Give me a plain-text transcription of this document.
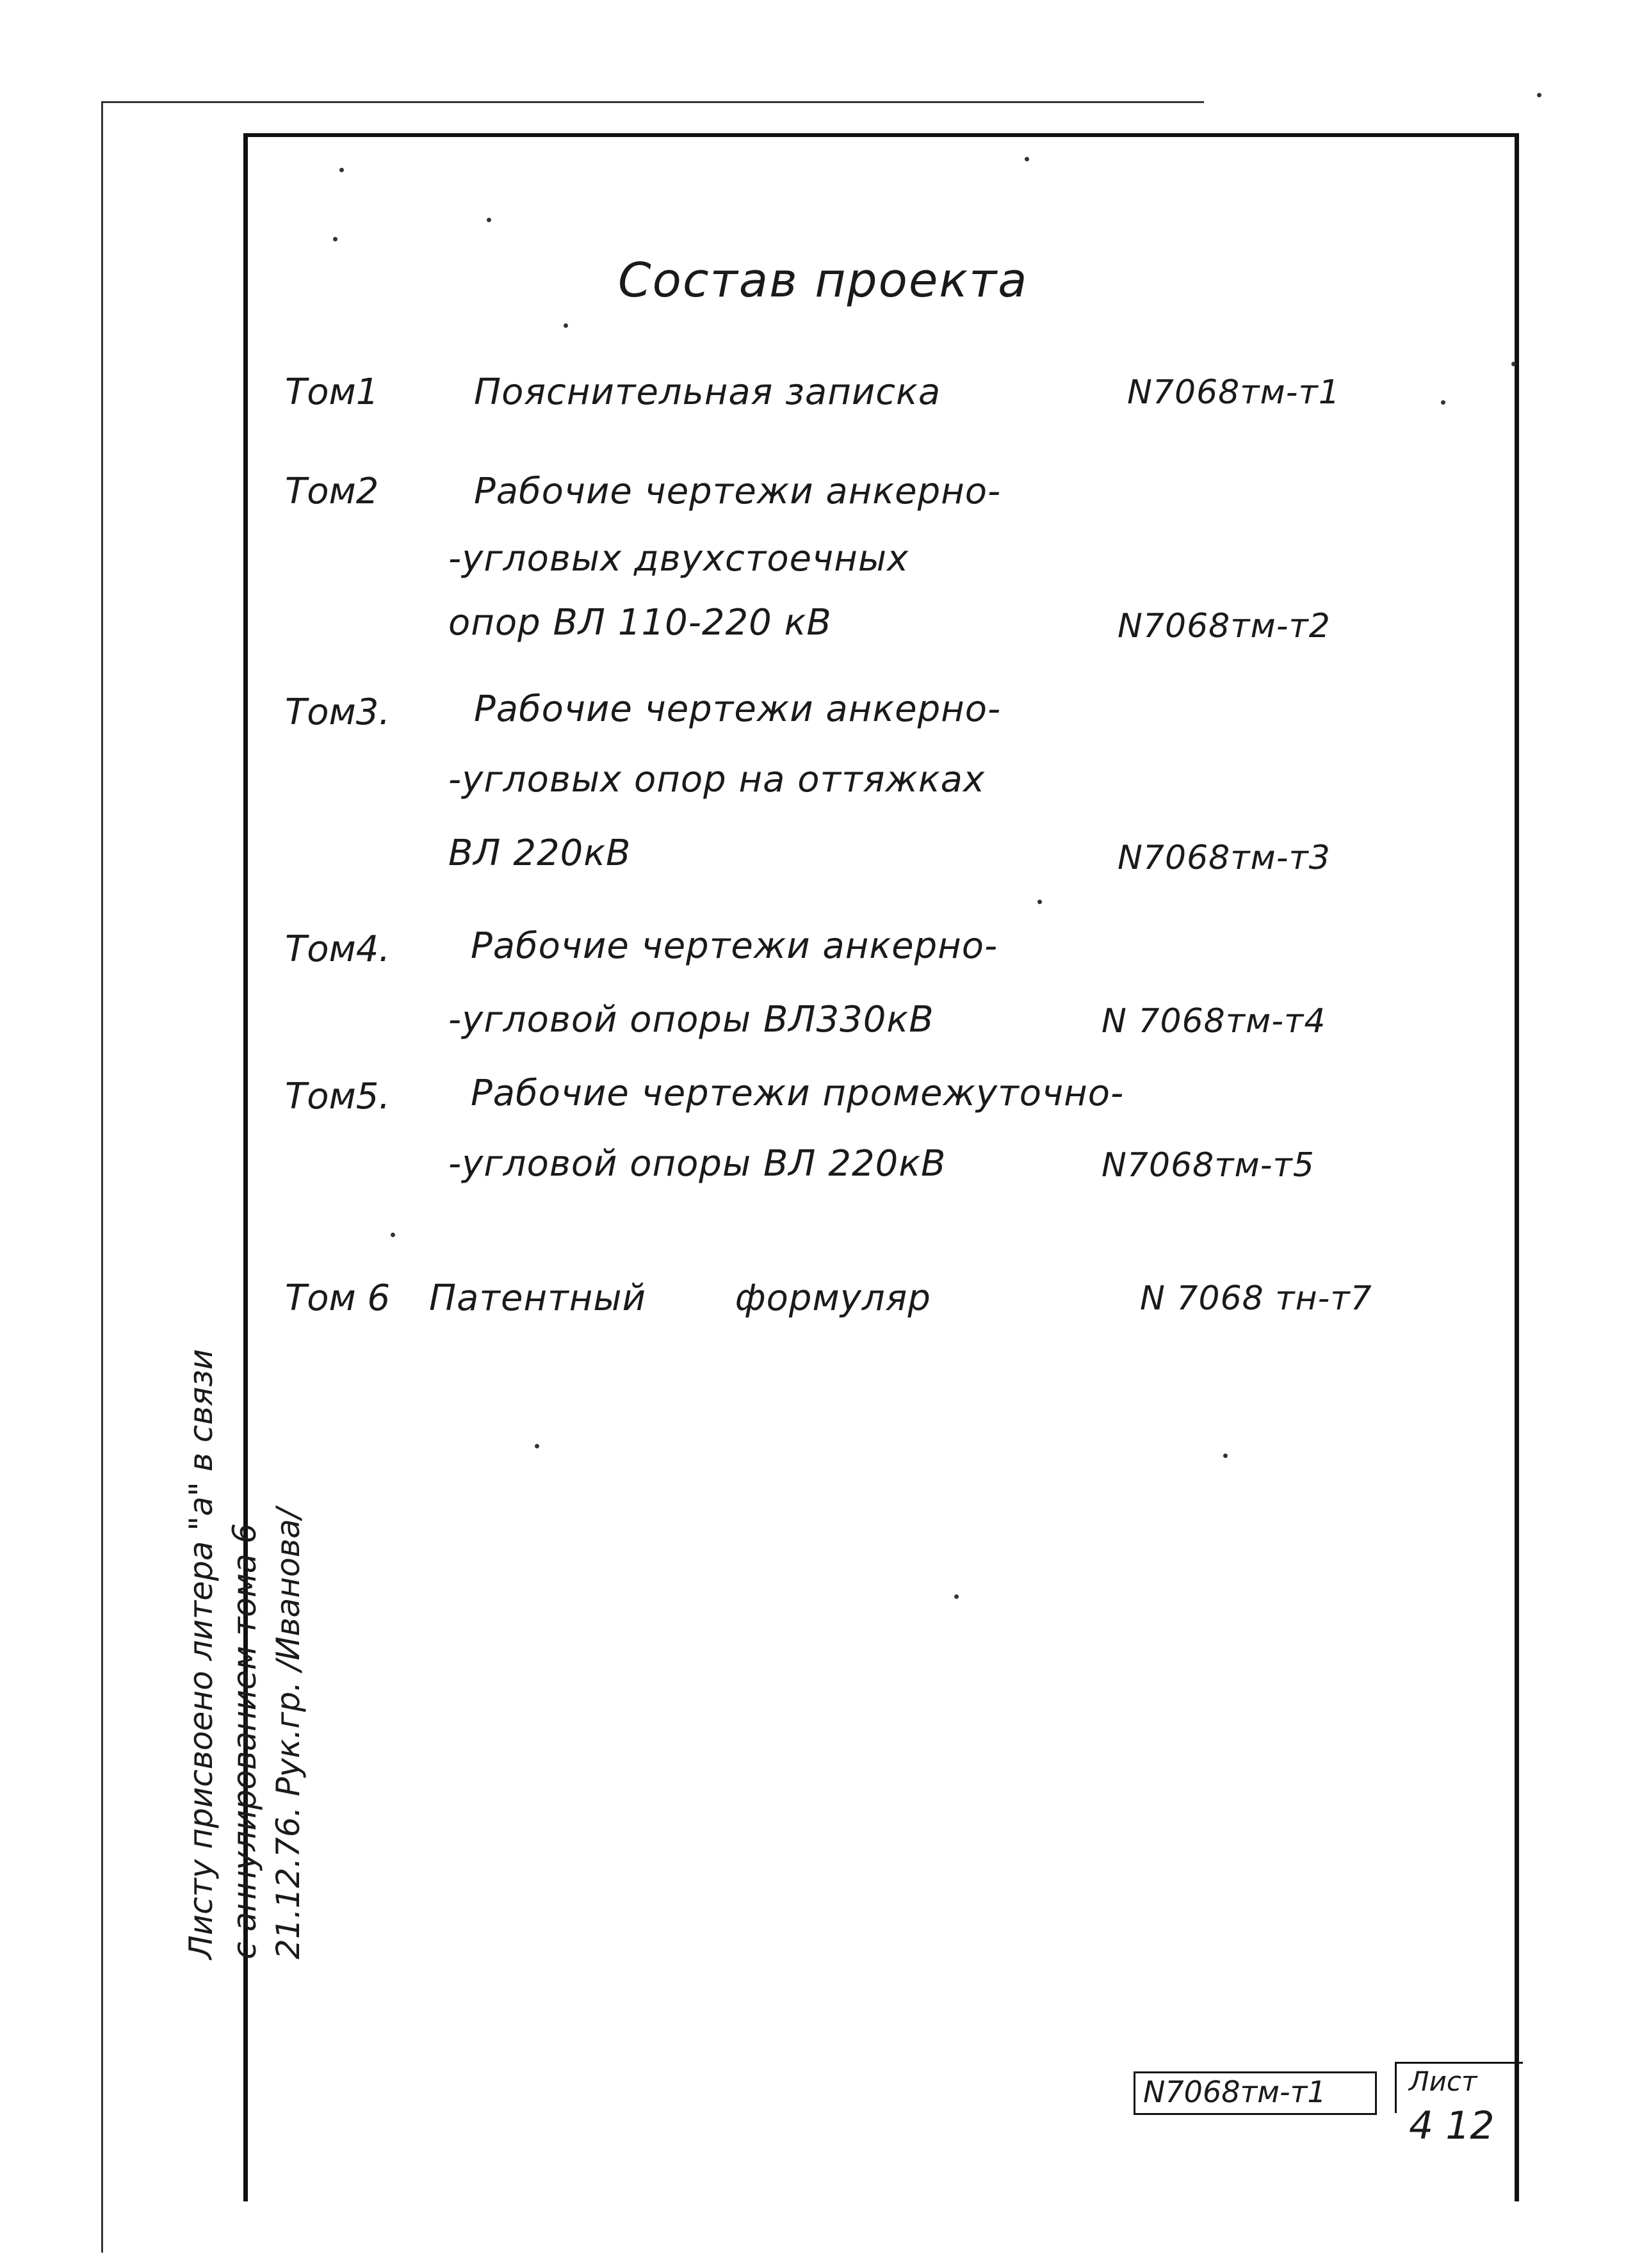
Состав проекта
Том1	Пояснительная записка	N7068тм-т1
Том2	Рабочие чертежи анкерно-
-угловых двухстоечных
опор ВЛ 110-220 кВ	N7068тм-т2
Том3. Рабочие чертежи анкерно-
-угловых опор на оттяжках
ВЛ 220кВ	N7068тм-т3
Том4. Рабочие чертежи анкерно-
-угловой опоры ВЛ330кВ	N 7068тм-т4
Том5. Рабочие чертежи промежуточно-
-угловой опоры ВЛ 220кВ	N7068тм-т5
Том 6 Патентный формуляр	N 7068 тн-т7
Листу присвоено литера "а" в связи с аннулированием тома 6 21.12.76. Рук.гр. /Иванова/
N7068тм-т1	Лист
4 12
